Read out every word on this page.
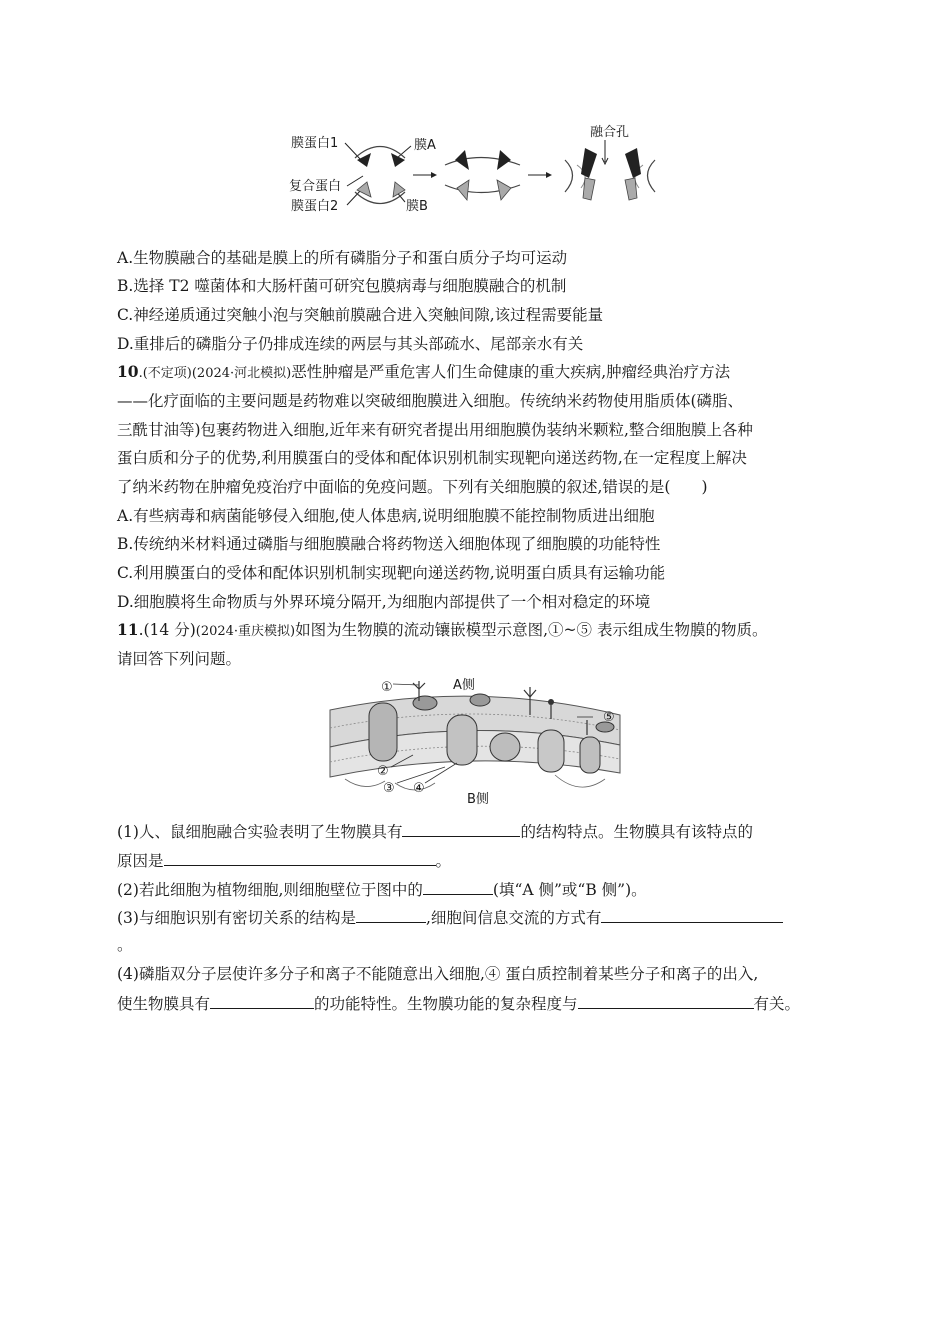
膜蛋白1	膜A
复合蛋白
膜蛋白2	膜B
融合孔
A.生物膜融合的基础是膜上的所有磷脂分子和蛋白质分子均可运动
B.选择 T2 噬菌体和大肠杆菌可研究包膜病毒与细胞膜融合的机制
C.神经递质通过突触小泡与突触前膜融合进入突触间隙,该过程需要能量
D.重排后的磷脂分子仍排成连续的两层与其头部疏水、尾部亲水有关
10.(不定项)(2024·河北模拟)恶性肿瘤是严重危害人们生命健康的重大疾病,肿瘤经典治疗方法
——化疗面临的主要问题是药物难以突破细胞膜进入细胞。传统纳米药物使用脂质体(磷脂、
三酰甘油等)包裹药物进入细胞,近年来有研究者提出用细胞膜伪装纳米颗粒,整合细胞膜上各种
蛋白质和分子的优势,利用膜蛋白的受体和配体识别机制实现靶向递送药物,在一定程度上解决
了纳米药物在肿瘤免疫治疗中面临的免疫问题。下列有关细胞膜的叙述,错误的是(　　)
A.有些病毒和病菌能够侵入细胞,使人体患病,说明细胞膜不能控制物质进出细胞
B.传统纳米材料通过磷脂与细胞膜融合将药物送入细胞体现了细胞膜的功能特性
C.利用膜蛋白的受体和配体识别机制实现靶向递送药物,说明蛋白质具有运输功能
D.细胞膜将生命物质与外界环境分隔开,为细胞内部提供了一个相对稳定的环境
11.(14 分)(2024·重庆模拟)如图为生物膜的流动镶嵌模型示意图,①~⑤ 表示组成生物膜的物质。
请回答下列问题。
①	A侧
⑤
②
③ ④
B侧
(1)人、鼠细胞融合实验表明了生物膜具有	的结构特点。生物膜具有该特点的
原因是	。
(2)若此细胞为植物细胞,则细胞壁位于图中的	(填“A 侧”或“B 侧”)。
(3)与细胞识别有密切关系的结构是	,细胞间信息交流的方式有
。
(4)磷脂双分子层使许多分子和离子不能随意出入细胞,④ 蛋白质控制着某些分子和离子的出入,
使生物膜具有	的功能特性。生物膜功能的复杂程度与	有关。
